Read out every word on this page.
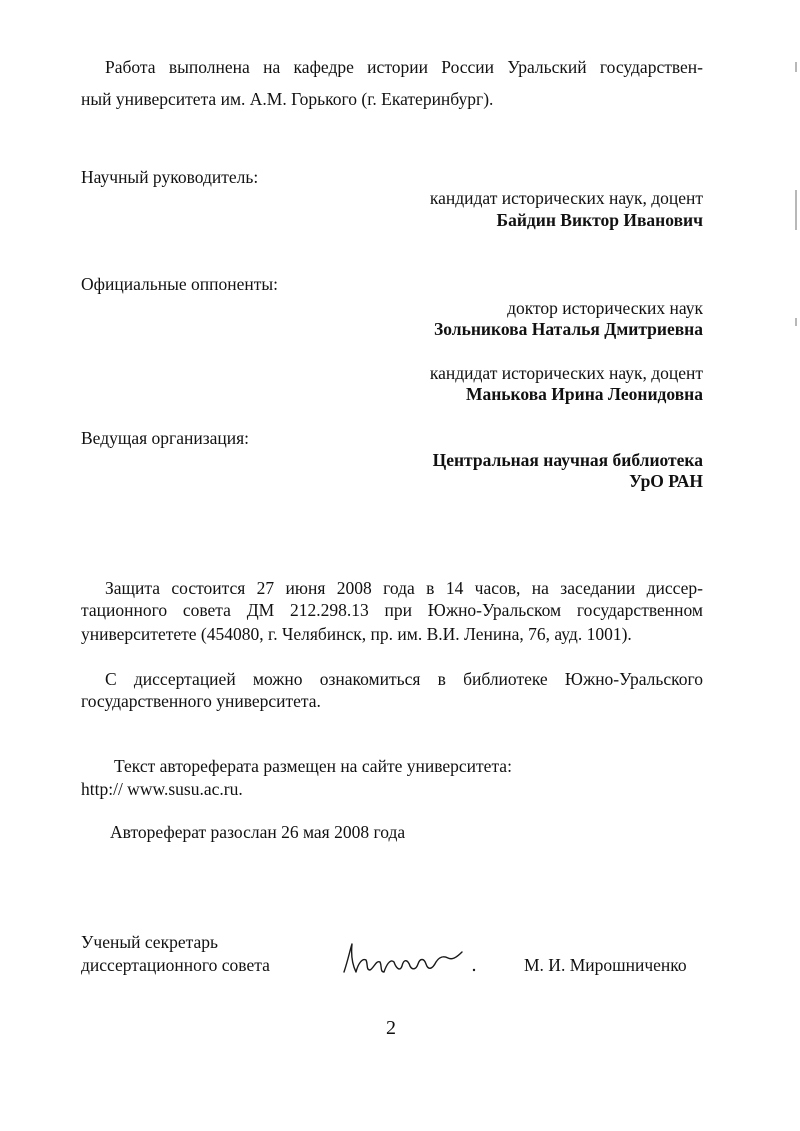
Работа выполнена на кафедре истории России Уральский государствен-
ный университета им. А.М. Горького (г. Екатеринбург).
Научный руководитель:
кандидат исторических наук, доцент
Байдин Виктор Иванович
Официальные оппоненты:
доктор исторических наук
Зольникова Наталья Дмитриевна
кандидат исторических наук, доцент
Манькова Ирина Леонидовна
Ведущая организация:
Центральная научная библиотека
УрО РАН
Защита состоится 27 июня 2008 года в 14 часов, на заседании диссер-
тационного совета ДМ 212.298.13 при Южно-Уральском государственном
университетете (454080, г. Челябинск, пр. им. В.И. Ленина, 76, ауд. 1001).
С диссертацией можно ознакомиться в библиотеке Южно-Уральского
государственного университета.
Текст автореферата размещен на сайте университета:
http:// www.susu.ac.ru.
Автореферат разослан 26 мая 2008 года
Ученый секретарь
диссертационного совета	М. И. Мирошниченко
2
